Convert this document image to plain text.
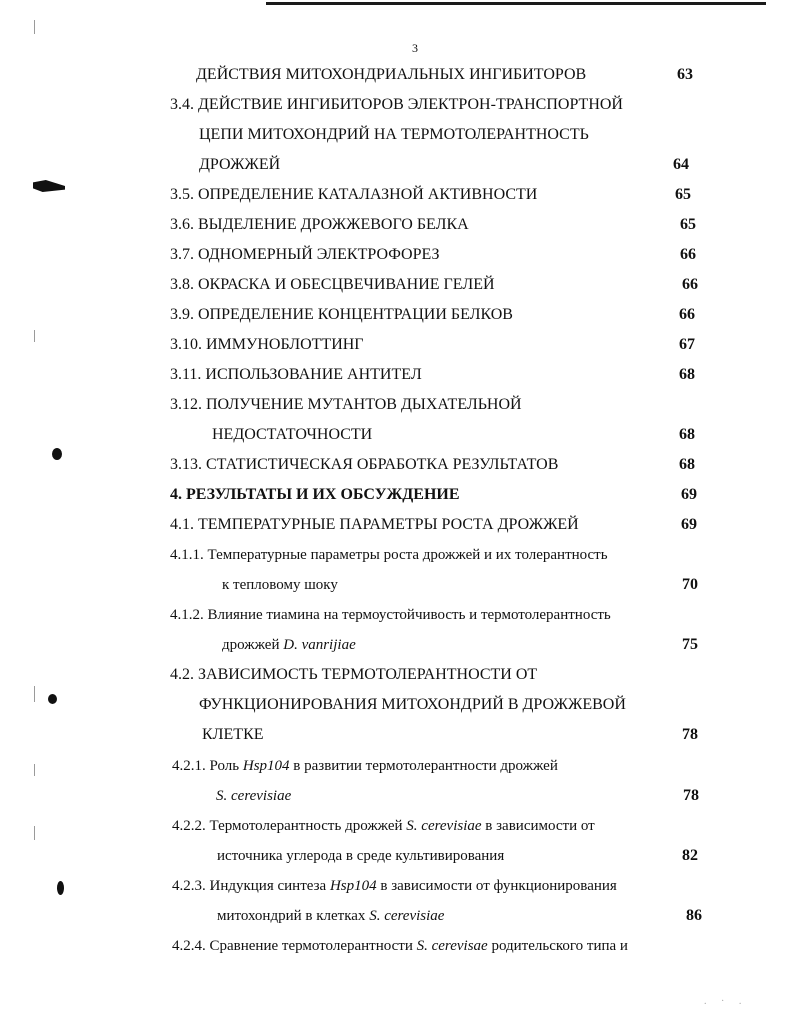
. · .
3
ДЕЙСТВИЯ МИТОХОНДРИАЛЬНЫХ ИНГИБИТОРОВ	63
3.4. ДЕЙСТВИЕ ИНГИБИТОРОВ ЭЛЕКТРОН-ТРАНСПОРТНОЙ
ЦЕПИ МИТОХОНДРИЙ НА ТЕРМОТОЛЕРАНТНОСТЬ
ДРОЖЖЕЙ	64
3.5. ОПРЕДЕЛЕНИЕ КАТАЛАЗНОЙ АКТИВНОСТИ	65
3.6. ВЫДЕЛЕНИЕ ДРОЖЖЕВОГО БЕЛКА	65
3.7. ОДНОМЕРНЫЙ ЭЛЕКТРОФОРЕЗ	66
3.8. ОКРАСКА И ОБЕСЦВЕЧИВАНИЕ ГЕЛЕЙ	66
3.9. ОПРЕДЕЛЕНИЕ КОНЦЕНТРАЦИИ БЕЛКОВ	66
3.10. ИММУНОБЛОТТИНГ	67
3.11. ИСПОЛЬЗОВАНИЕ АНТИТЕЛ	68
3.12. ПОЛУЧЕНИЕ МУТАНТОВ ДЫХАТЕЛЬНОЙ
НЕДОСТАТОЧНОСТИ	68
3.13. СТАТИСТИЧЕСКАЯ ОБРАБОТКА РЕЗУЛЬТАТОВ	68
4. РЕЗУЛЬТАТЫ И ИХ ОБСУЖДЕНИЕ	69
4.1. ТЕМПЕРАТУРНЫЕ ПАРАМЕТРЫ РОСТА ДРОЖЖЕЙ	69
4.1.1. Температурные параметры роста дрожжей и их толерантность
к тепловому шоку	70
4.1.2. Влияние тиамина на термоустойчивость и термотолерантность
дрожжей D. vanrijiae	75
4.2. ЗАВИСИМОСТЬ ТЕРМОТОЛЕРАНТНОСТИ ОТ
ФУНКЦИОНИРОВАНИЯ МИТОХОНДРИЙ В ДРОЖЖЕВОЙ
КЛЕТКЕ	78
4.2.1. Роль Hsp104 в развитии термотолерантности дрожжей
S. cerevisiae	78
4.2.2. Термотолерантность дрожжей S. cerevisiae в зависимости от
источника углерода в среде культивирования	82
4.2.3. Индукция синтеза Hsp104 в зависимости от функционирования
митохондрий в клетках S. cerevisiae	86
4.2.4. Сравнение термотолерантности S. cerevisae родительского типа и
